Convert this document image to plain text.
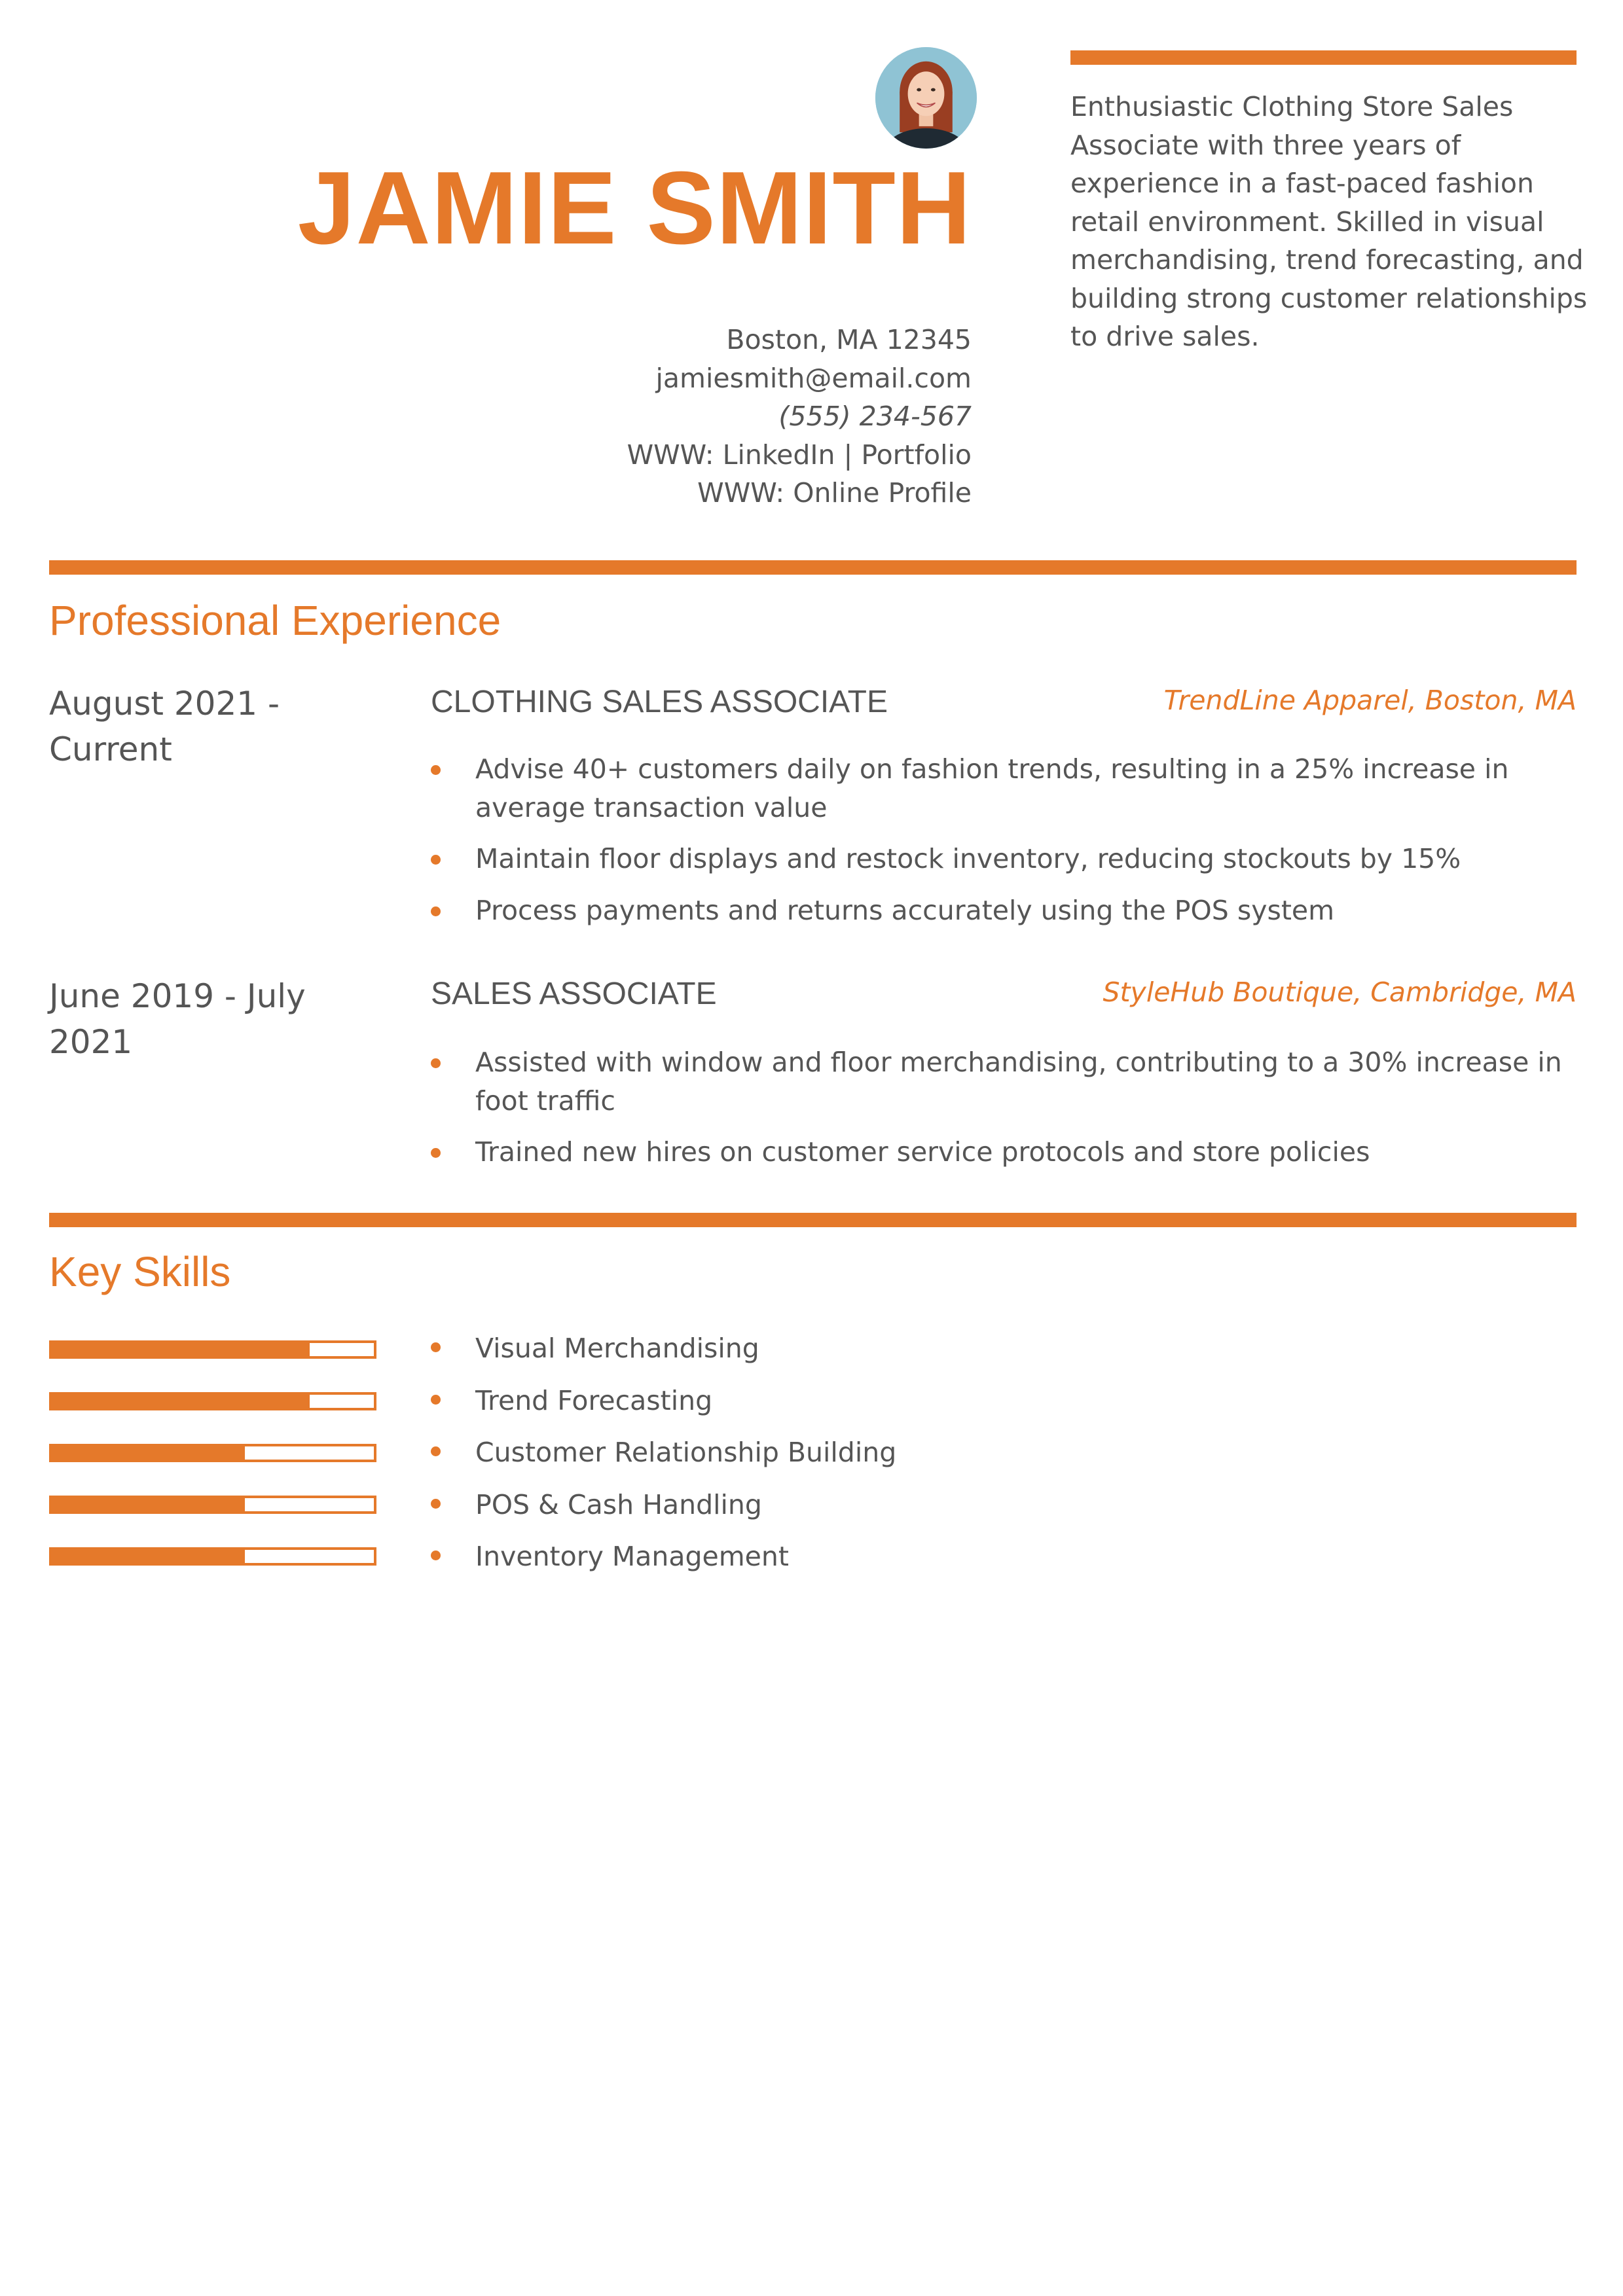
JAMIE SMITH
Boston, MA 12345
jamiesmith@email.com
(555) 234-567
WWW: LinkedIn | Portfolio
WWW: Online Profile

Enthusiastic Clothing Store Sales Associate with three years of experience in a fast-paced fashion retail environment. Skilled in visual merchandising, trend forecasting, and building strong customer relationships to drive sales.

Professional Experience
August 2021 - Current
CLOTHING SALES ASSOCIATE	TrendLine Apparel, Boston, MA
Advise 40+ customers daily on fashion trends, resulting in a 25% increase in average transaction value
Maintain floor displays and restock inventory, reducing stockouts by 15%
Process payments and returns accurately using the POS system
June 2019 - July 2021
SALES ASSOCIATE	StyleHub Boutique, Cambridge, MA
Assisted with window and floor merchandising, contributing to a 30% increase in foot traffic
Trained new hires on customer service protocols and store policies
Key Skills
Visual Merchandising
Trend Forecasting
Customer Relationship Building
POS & Cash Handling
Inventory Management
